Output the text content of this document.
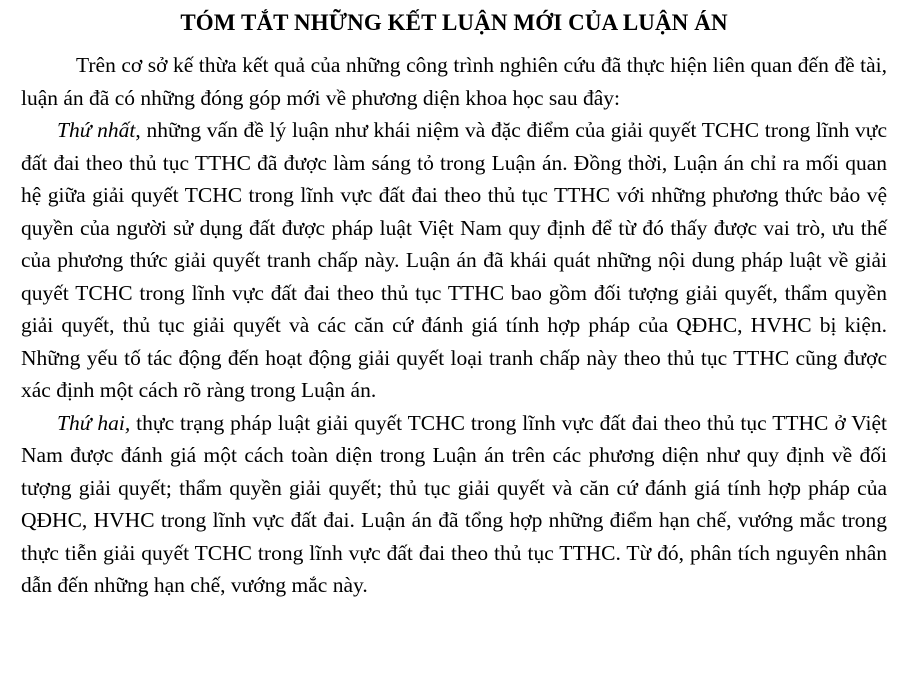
TÓM TẮT NHỮNG KẾT LUẬN MỚI CỦA LUẬN ÁN

Trên cơ sở kế thừa kết quả của những công trình nghiên cứu đã thực hiện liên quan đến đề tài, luận án đã có những đóng góp mới về phương diện khoa học sau đây:

Thứ nhất, những vấn đề lý luận như khái niệm và đặc điểm của giải quyết TCHC trong lĩnh vực đất đai theo thủ tục TTHC đã được làm sáng tỏ trong Luận án. Đồng thời, Luận án chỉ ra mối quan hệ giữa giải quyết TCHC trong lĩnh vực đất đai theo thủ tục TTHC với những phương thức bảo vệ quyền của người sử dụng đất được pháp luật Việt Nam quy định để từ đó thấy được vai trò, ưu thế của phương thức giải quyết tranh chấp này. Luận án đã khái quát những nội dung pháp luật về giải quyết TCHC trong lĩnh vực đất đai theo thủ tục TTHC bao gồm đối tượng giải quyết, thẩm quyền giải quyết, thủ tục giải quyết và các căn cứ đánh giá tính hợp pháp của QĐHC, HVHC bị kiện. Những yếu tố tác động đến hoạt động giải quyết loại tranh chấp này theo thủ tục TTHC cũng được xác định một cách rõ ràng trong Luận án.

Thứ hai, thực trạng pháp luật giải quyết TCHC trong lĩnh vực đất đai theo thủ tục TTHC ở Việt Nam được đánh giá một cách toàn diện trong Luận án trên các phương diện như quy định về đối tượng giải quyết; thẩm quyền giải quyết; thủ tục giải quyết và căn cứ đánh giá tính hợp pháp của QĐHC, HVHC trong lĩnh vực đất đai. Luận án đã tổng hợp những điểm hạn chế, vướng mắc trong thực tiễn giải quyết TCHC trong lĩnh vực đất đai theo thủ tục TTHC. Từ đó, phân tích nguyên nhân dẫn đến những hạn chế, vướng mắc này.
